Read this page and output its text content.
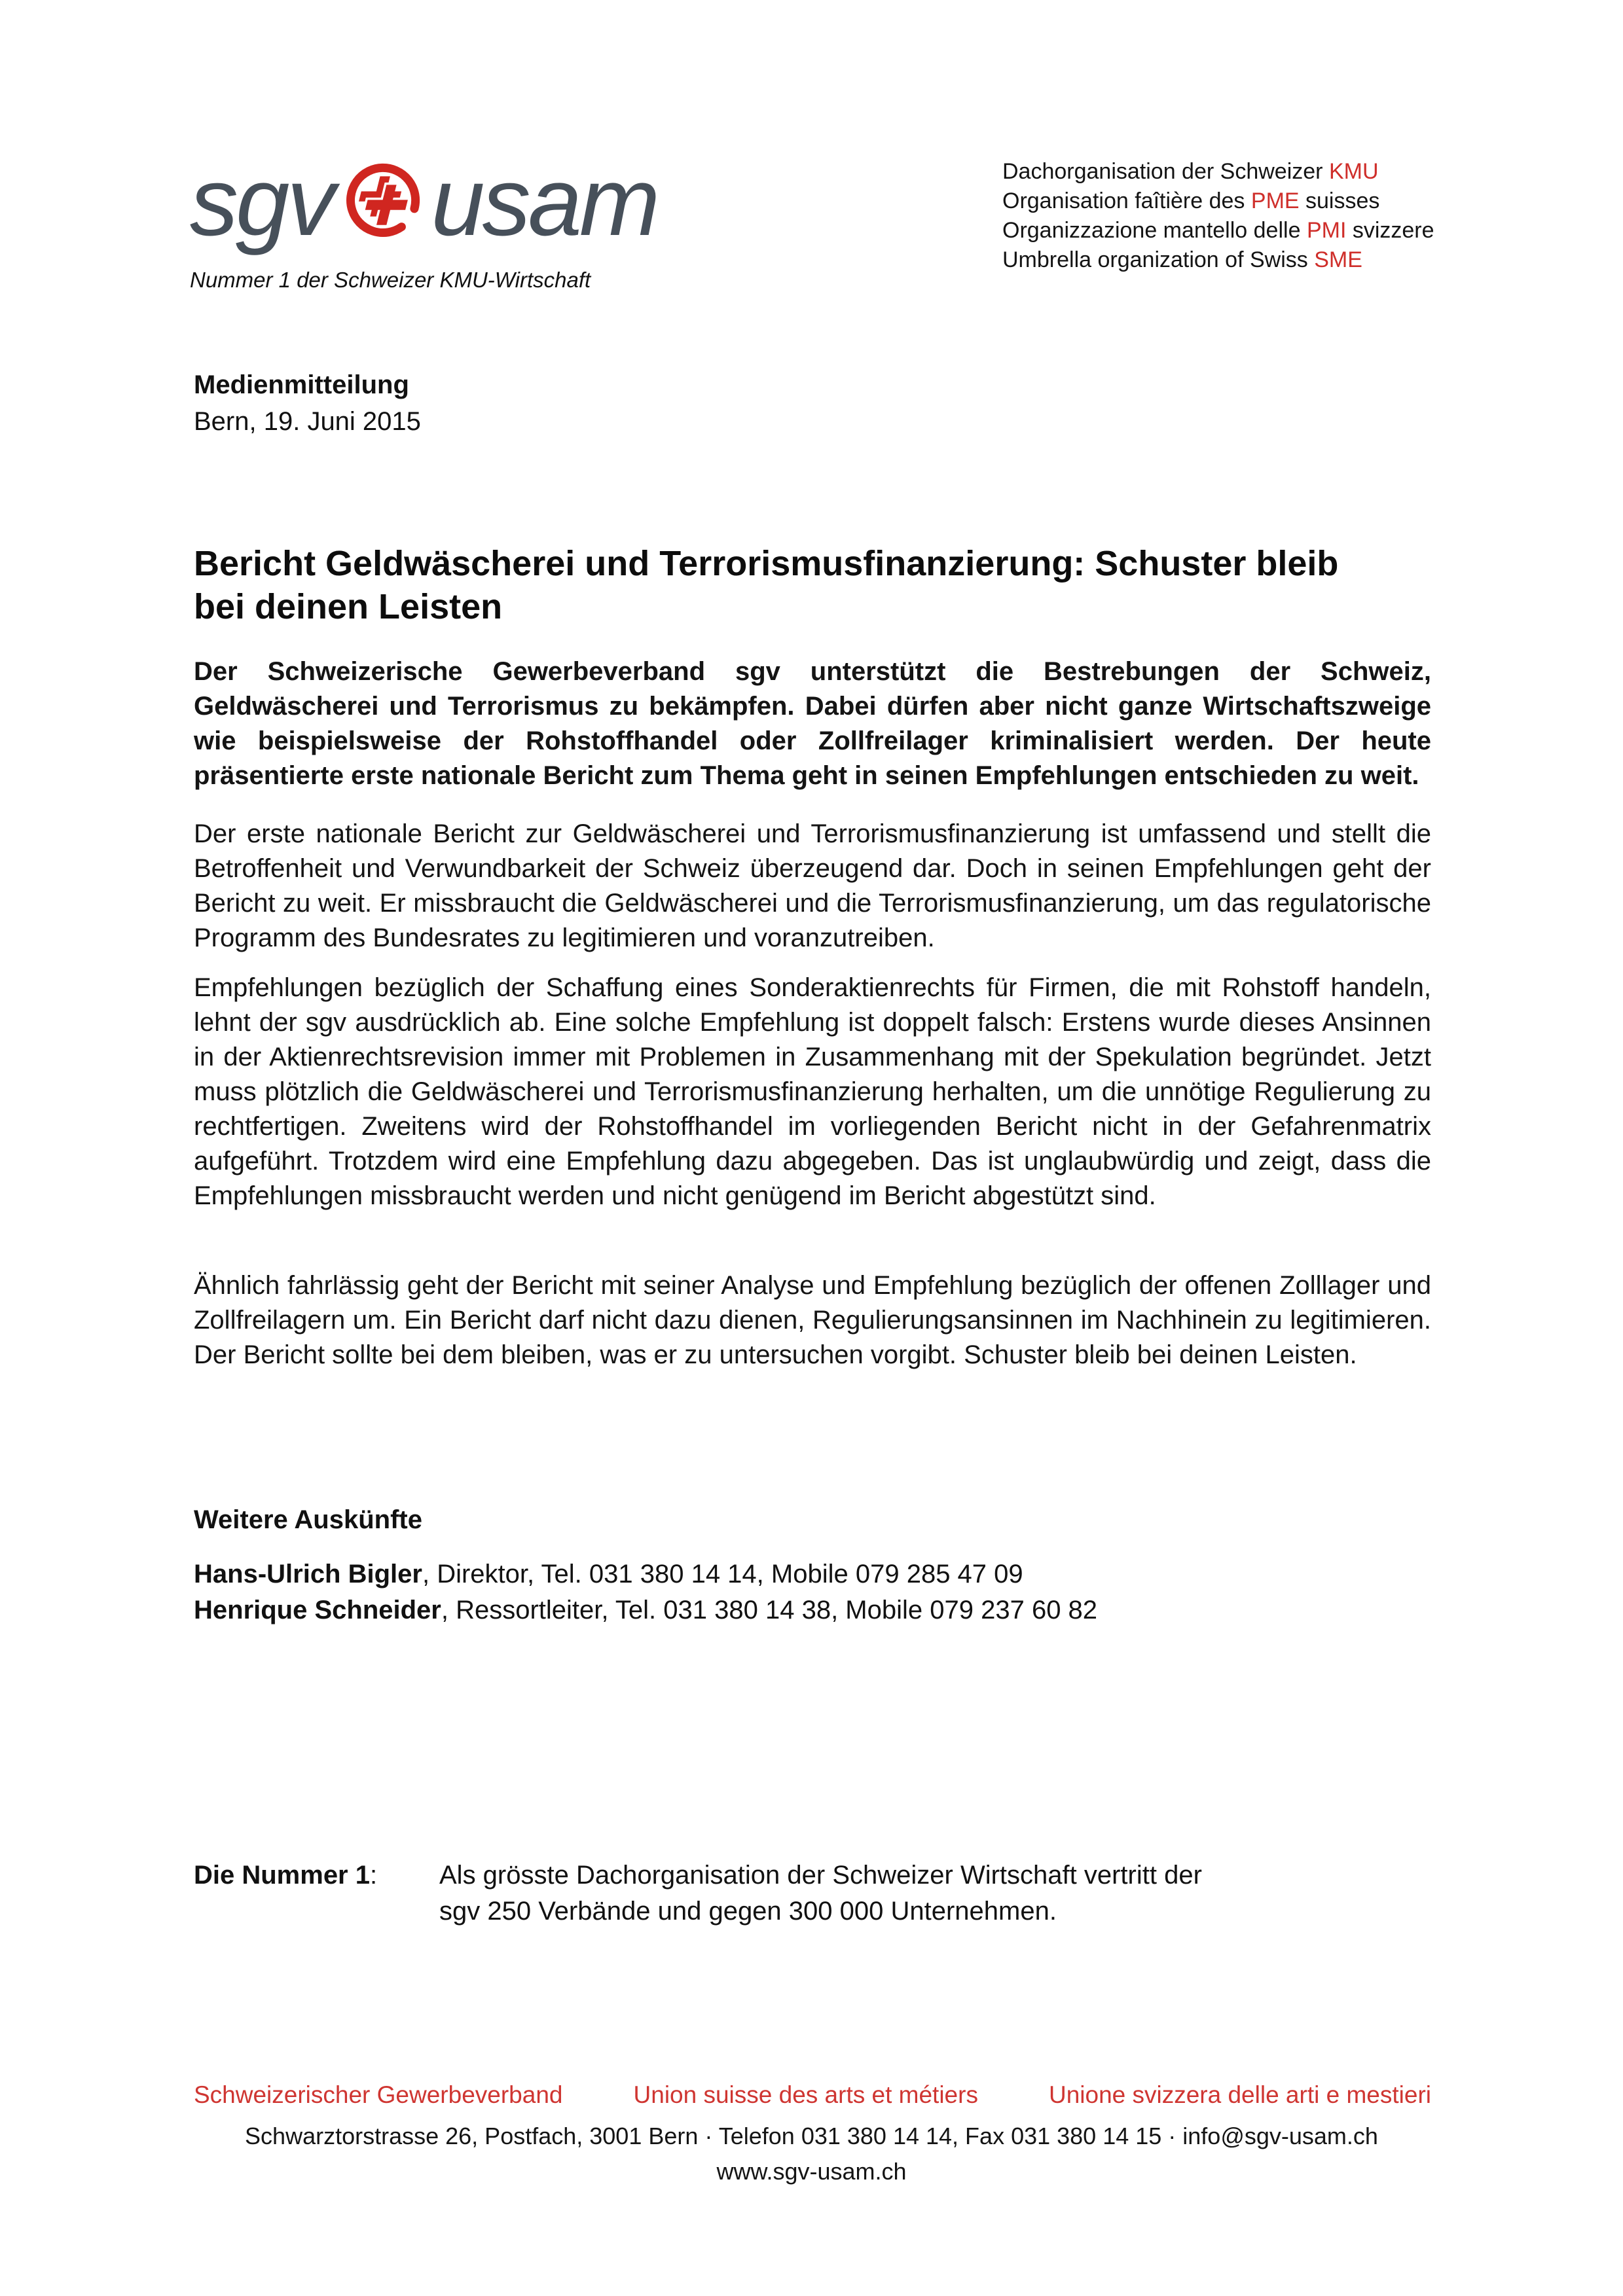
sgv usam
Nummer 1 der Schweizer KMU-Wirtschaft
Dachorganisation der Schweizer KMU
Organisation faîtière des PME suisses
Organizzazione mantello delle PMI svizzere
Umbrella organization of Swiss SME
Medienmitteilung
Bern, 19. Juni 2015
Bericht Geldwäscherei und Terrorismusfinanzierung: Schuster bleib
bei deinen Leisten

Der Schweizerische Gewerbeverband sgv unterstützt die Bestrebungen der Schweiz, Geldwäscherei und Terrorismus zu bekämpfen. Dabei dürfen aber nicht ganze Wirtschaftszweige wie beispielsweise der Rohstoffhandel oder Zollfreilager kriminalisiert werden. Der heute präsentierte erste nationale Bericht zum Thema geht in seinen Empfehlungen entschieden zu weit.

Der erste nationale Bericht zur Geldwäscherei und Terrorismusfinanzierung ist umfassend und stellt die Betroffenheit und Verwundbarkeit der Schweiz überzeugend dar. Doch in seinen Empfehlungen geht der Bericht zu weit. Er missbraucht die Geldwäscherei und die Terrorismusfinanzierung, um das regulatorische Programm des Bundesrates zu legitimieren und voranzutreiben.

Empfehlungen bezüglich der Schaffung eines Sonderaktienrechts für Firmen, die mit Rohstoff handeln, lehnt der sgv ausdrücklich ab. Eine solche Empfehlung ist doppelt falsch: Erstens wurde dieses Ansinnen in der Aktienrechtsrevision immer mit Problemen in Zusammenhang mit der Spekulation begründet. Jetzt muss plötzlich die Geldwäscherei und Terrorismusfinanzierung herhalten, um die unnötige Regulierung zu rechtfertigen. Zweitens wird der Rohstoffhandel im vorliegenden Bericht nicht in der Gefahrenmatrix aufgeführt. Trotzdem wird eine Empfehlung dazu abgegeben. Das ist unglaubwürdig und zeigt, dass die Empfehlungen missbraucht werden und nicht genügend im Bericht abgestützt sind.

Ähnlich fahrlässig geht der Bericht mit seiner Analyse und Empfehlung bezüglich der offenen Zolllager und Zollfreilagern um. Ein Bericht darf nicht dazu dienen, Regulierungsansinnen im Nachhinein zu legitimieren. Der Bericht sollte bei dem bleiben, was er zu untersuchen vorgibt. Schuster bleib bei deinen Leisten.

Weitere Auskünfte
Hans-Ulrich Bigler, Direktor, Tel. 031 380 14 14, Mobile 079 285 47 09
Henrique Schneider, Ressortleiter, Tel. 031 380 14 38, Mobile 079 237 60 82
Die Nummer 1:	Als grösste Dachorganisation der Schweizer Wirtschaft vertritt der sgv 250 Verbände und gegen 300 000 Unternehmen.
Schweizerischer Gewerbeverband	Union suisse des arts et métiers	Unione svizzera delle arti e mestieri
Schwarztorstrasse 26, Postfach, 3001 Bern · Telefon 031 380 14 14, Fax 031 380 14 15 · info@sgv-usam.ch
www.sgv-usam.ch
